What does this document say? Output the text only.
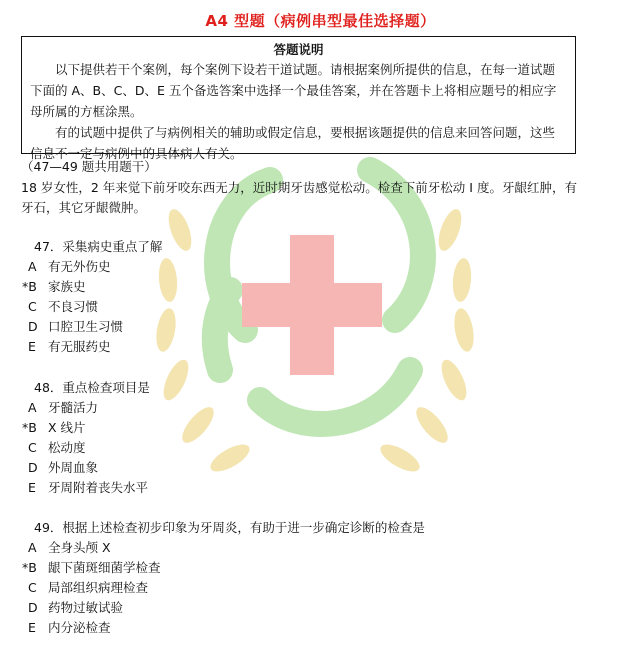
A4 型题（病例串型最佳选择题）
答题说明

以下提供若干个案例，每个案例下设若干道试题。请根据案例所提供的信息，在每一道试题下面的 A、B、C、D、E 五个备选答案中选择一个最佳答案，并在答题卡上将相应题号的相应字母所属的方框涂黑。

有的试题中提供了与病例相关的辅助或假定信息，要根据该题提供的信息来回答问题，这些信息不一定与病例中的具体病人有关。

（47—49 题共用题干）
18 岁女性，2 年来觉下前牙咬东西无力，近时期牙齿感觉松动。检查下前牙松动 Ⅰ 度。牙龈红肿，有牙石，其它牙龈微肿。
47．采集病史重点了解
A 有无外伤史
*B 家族史
C 不良习惯
D 口腔卫生习惯
E 有无服药史
48．重点检查项目是
A 牙髓活力
*B X 线片
C 松动度
D 外周血象
E 牙周附着丧失水平
49．根据上述检查初步印象为牙周炎，有助于进一步确定诊断的检查是
A 全身头颅 X
*B 龈下菌斑细菌学检查
C 局部组织病理检查
D 药物过敏试验
E 内分泌检查
